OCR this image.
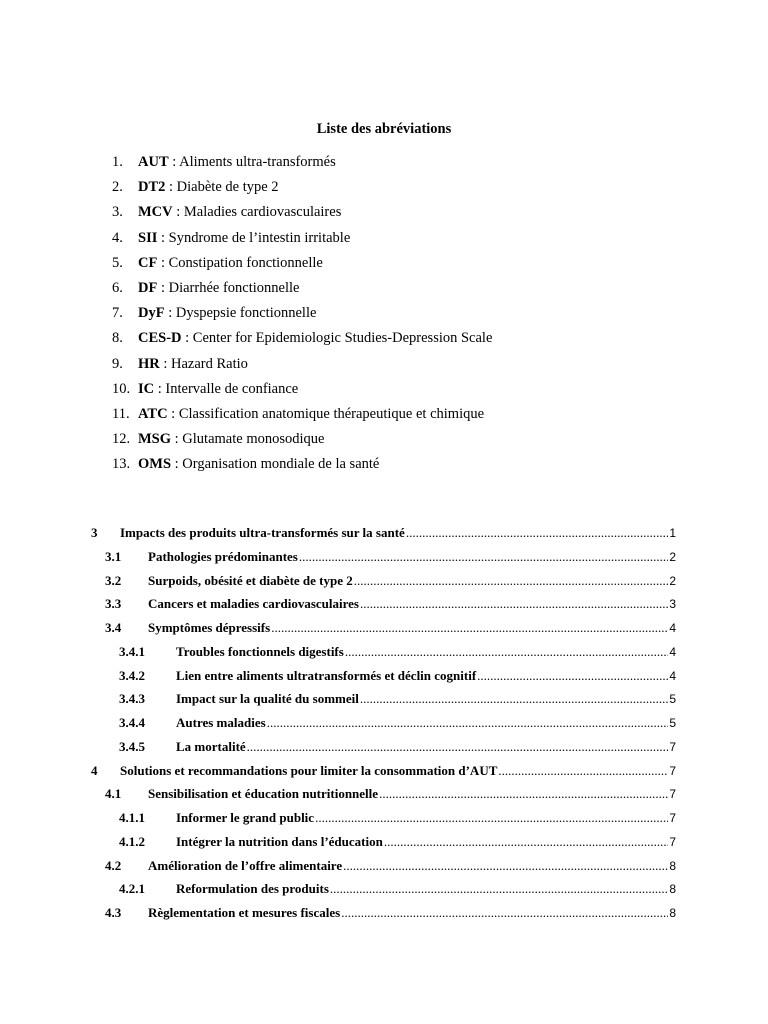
Liste des abréviations
1. AUT : Aliments ultra-transformés
2. DT2 : Diabète de type 2
3. MCV : Maladies cardiovasculaires
4. SII : Syndrome de l’intestin irritable
5. CF : Constipation fonctionnelle
6. DF : Diarrhée fonctionnelle
7. DyF : Dyspepsie fonctionnelle
8. CES-D : Center for Epidemiologic Studies-Depression Scale
9. HR : Hazard Ratio
10. IC : Intervalle de confiance
11. ATC : Classification anatomique thérapeutique et chimique
12. MSG : Glutamate monosodique
13. OMS : Organisation mondiale de la santé
3	Impacts des produits ultra-transformés sur la santé .....	1
3.1	Pathologies prédominantes .....	2
3.2	Surpoids, obésité et diabète de type 2 .....	2
3.3	Cancers et maladies cardiovasculaires .....	3
3.4	Symptômes dépressifs .....	4
3.4.1	Troubles fonctionnels digestifs .....	4
3.4.2	Lien entre aliments ultratransformés et déclin cognitif .....	4
3.4.3	Impact sur la qualité du sommeil .....	5
3.4.4	Autres maladies .....	5
3.4.5	La mortalité .....	7
4	Solutions et recommandations pour limiter la consommation d’AUT .....	7
4.1	Sensibilisation et éducation nutritionnelle .....	7
4.1.1	Informer le grand public .....	7
4.1.2	Intégrer la nutrition dans l’éducation .....	7
4.2	Amélioration de l’offre alimentaire .....	8
4.2.1	Reformulation des produits .....	8
4.3	Règlementation et mesures fiscales .....	8
